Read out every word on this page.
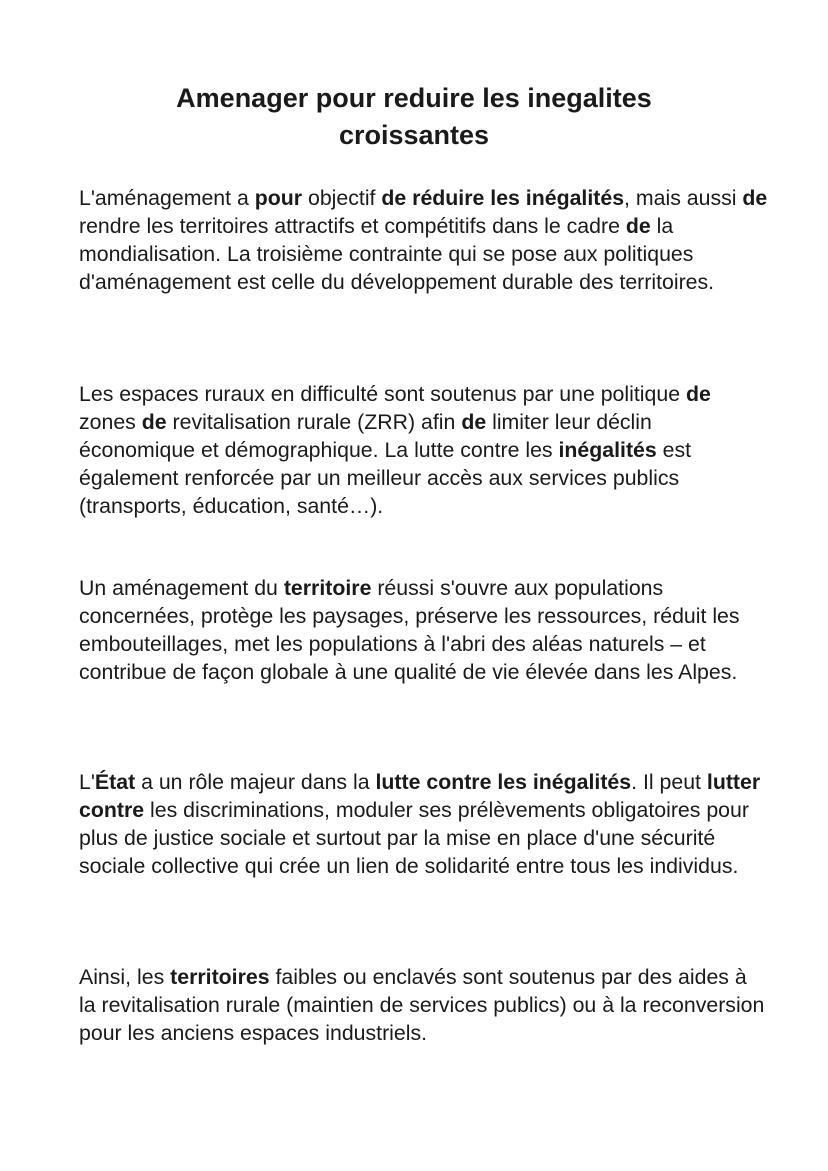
Amenager pour reduire les inegalites croissantes

L'aménagement a pour objectif de réduire les inégalités, mais aussi de rendre les territoires attractifs et compétitifs dans le cadre de la mondialisation. La troisième contrainte qui se pose aux politiques d'aménagement est celle du développement durable des territoires.

Les espaces ruraux en difficulté sont soutenus par une politique de zones de revitalisation rurale (ZRR) afin de limiter leur déclin économique et démographique. La lutte contre les inégalités est également renforcée par un meilleur accès aux services publics (transports, éducation, santé…).

Un aménagement du territoire réussi s'ouvre aux populations concernées, protège les paysages, préserve les ressources, réduit les embouteillages, met les populations à l'abri des aléas naturels – et contribue de façon globale à une qualité de vie élevée dans les Alpes.

L'État a un rôle majeur dans la lutte contre les inégalités. Il peut lutter contre les discriminations, moduler ses prélèvements obligatoires pour plus de justice sociale et surtout par la mise en place d'une sécurité sociale collective qui crée un lien de solidarité entre tous les individus.

Ainsi, les territoires faibles ou enclavés sont soutenus par des aides à la revitalisation rurale (maintien de services publics) ou à la reconversion pour les anciens espaces industriels.
